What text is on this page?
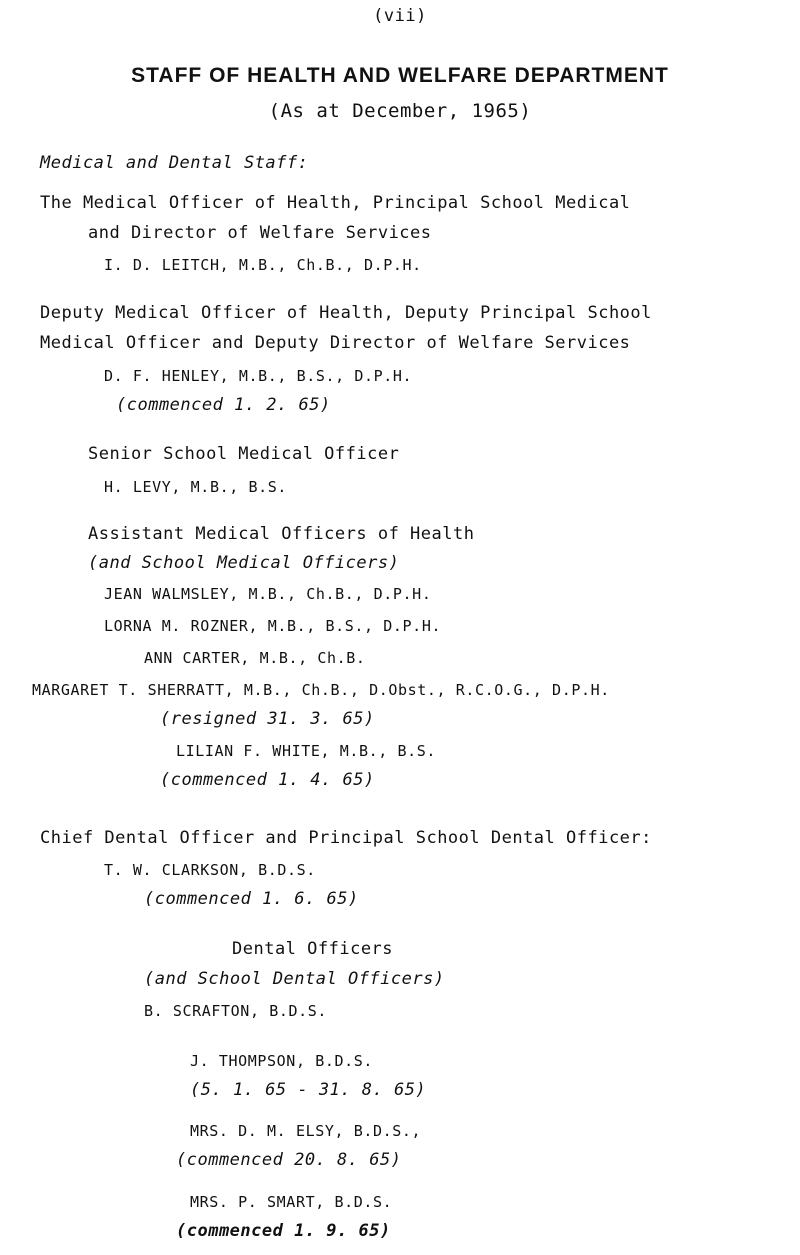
(vii)
STAFF OF HEALTH AND WELFARE DEPARTMENT
(As at December, 1965)
Medical and Dental Staff:
The Medical Officer of Health, Principal School Medical
and Director of Welfare Services
I. D. LEITCH, M.B., Ch.B., D.P.H.
Deputy Medical Officer of Health, Deputy Principal School
Medical Officer and Deputy Director of Welfare Services
D. F. HENLEY, M.B., B.S., D.P.H.
(commenced 1. 2. 65)
Senior School Medical Officer
H. LEVY, M.B., B.S.
Assistant Medical Officers of Health
(and School Medical Officers)
JEAN WALMSLEY, M.B., Ch.B., D.P.H.
LORNA M. ROZNER, M.B., B.S., D.P.H.
ANN CARTER, M.B., Ch.B.
MARGARET T. SHERRATT, M.B., Ch.B., D.Obst., R.C.O.G., D.P.H.
(resigned 31. 3. 65)
LILIAN F. WHITE, M.B., B.S.
(commenced 1. 4. 65)
Chief Dental Officer and Principal School Dental Officer:
T. W. CLARKSON, B.D.S.
(commenced 1. 6. 65)
Dental Officers
(and School Dental Officers)
B. SCRAFTON, B.D.S.
J. THOMPSON, B.D.S.
(5. 1. 65 - 31. 8. 65)
MRS. D. M. ELSY, B.D.S.,
(commenced 20. 8. 65)
MRS. P. SMART, B.D.S.
(commenced 1. 9. 65)
